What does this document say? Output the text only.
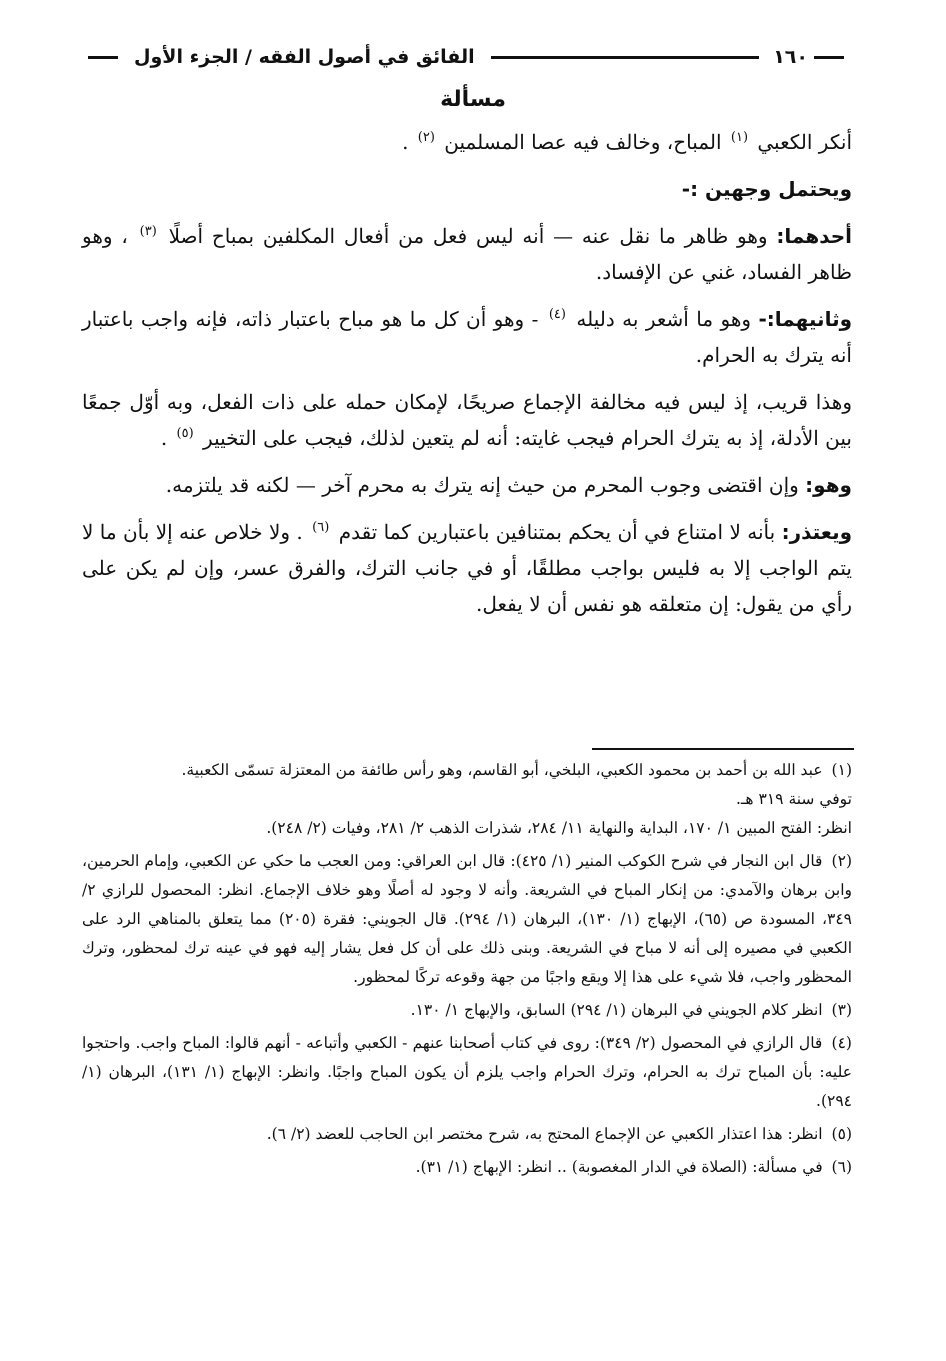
١٦٠
الفائق في أصول الفقه / الجزء الأول
مسألة

أنكر الكعبي $^{(١)}$ المباح، وخالف فيه عصا المسلمين $^{(٢)}$ .

ويحتمل وجهين :-

أحدهما: وهو ظاهر ما نقل عنه — أنه ليس فعل من أفعال المكلفين بمباح أصلًا $^{(٣)}$ ، وهو ظاهر الفساد، غني عن الإفساد.

وثانيهما:- وهو ما أشعر به دليله $^{(٤)}$ - وهو أن كل ما هو مباح باعتبار ذاته، فإنه واجب باعتبار أنه يترك به الحرام.

وهذا قريب، إذ ليس فيه مخالفة الإجماع صريحًا، لإمكان حمله على ذات الفعل، وبه أوّل جمعًا بين الأدلة، إذ به يترك الحرام فيجب غايته: أنه لم يتعين لذلك، فيجب على التخيير $^{(٥)}$ .

وهو: وإن اقتضى وجوب المحرم من حيث إنه يترك به محرم آخر — لكنه قد يلتزمه.

ويعتذر: بأنه لا امتناع في أن يحكم بمتنافين باعتبارين كما تقدم $^{(٦)}$ . ولا خلاص عنه إلا بأن ما لا يتم الواجب إلا به فليس بواجب مطلقًا، أو في جانب الترك، والفرق عسر، وإن لم يكن على رأي من يقول: إن متعلقه هو نفس أن لا يفعل.

(١) عبد الله بن أحمد بن محمود الكعبي، البلخي، أبو القاسم، وهو رأس طائفة من المعتزلة تسمّى الكعبية.
توفي سنة ٣١٩ هـ.
انظر: الفتح المبين ١/ ١٧٠، البداية والنهاية ١١/ ٢٨٤، شذرات الذهب ٢/ ٢٨١، وفيات (٢/ ٢٤٨).
(٢) قال ابن النجار في شرح الكوكب المنير (١/ ٤٢٥): قال ابن العراقي: ومن العجب ما حكي عن الكعبي، وإمام الحرمين، وابن برهان والآمدي: من إنكار المباح في الشريعة. وأنه لا وجود له أصلًا وهو خلاف الإجماع. انظر: المحصول للرازي ٢/ ٣٤٩، المسودة ص (٦٥)، الإبهاج (١/ ١٣٠)، البرهان (١/ ٢٩٤). قال الجويني: فقرة (٢٠٥) مما يتعلق بالمناهي الرد على الكعبي في مصيره إلى أنه لا مباح في الشريعة. وبنى ذلك على أن كل فعل يشار إليه فهو في عينه ترك لمحظور، وترك المحظور واجب، فلا شيء على هذا إلا ويقع واجبًا من جهة وقوعه تركًا لمحظور.
(٣) انظر كلام الجويني في البرهان (١/ ٢٩٤) السابق، والإبهاج ١/ ١٣٠.
(٤) قال الرازي في المحصول (٢/ ٣٤٩): روى في كتاب أصحابنا عنهم - الكعبي وأتباعه - أنهم قالوا: المباح واجب. واحتجوا عليه: بأن المباح ترك به الحرام، وترك الحرام واجب يلزم أن يكون المباح واجبًا. وانظر: الإبهاج (١/ ١٣١)، البرهان (١/ ٢٩٤).
(٥) انظر: هذا اعتذار الكعبي عن الإجماع المحتج به، شرح مختصر ابن الحاجب للعضد (٢/ ٦).
(٦) في مسألة: (الصلاة في الدار المغصوبة) .. انظر: الإبهاج (١/ ٣١).
